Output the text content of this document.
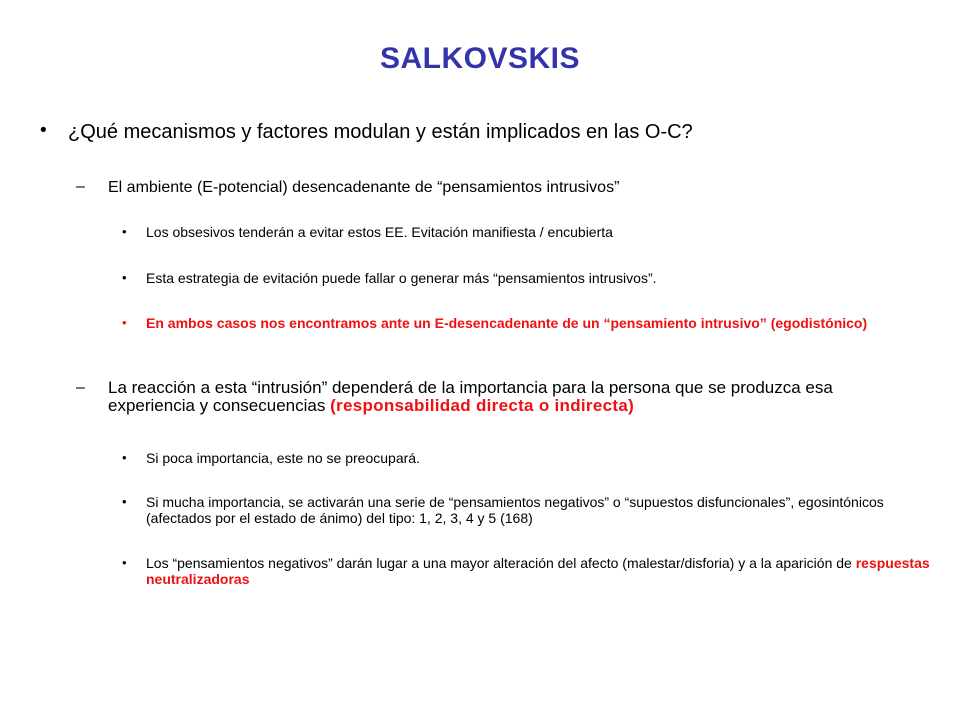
SALKOVSKIS
• ¿Qué mecanismos y factores modulan y están implicados en las O-C?
– El ambiente (E-potencial) desencadenante de “pensamientos intrusivos”
• Los obsesivos tenderán a evitar estos EE. Evitación manifiesta / encubierta
• Esta estrategia de evitación puede fallar o generar más “pensamientos intrusivos”.
• En ambos casos nos encontramos ante un E-desencadenante de un “pensamiento intrusivo” (egodistónico)
– La reacción a esta “intrusión” dependerá de la importancia para la persona que se produzca esa experiencia y consecuencias (responsabilidad directa o indirecta)
• Si poca importancia, este no se preocupará.
• Si mucha importancia, se activarán una serie de “pensamientos negativos” o “supuestos disfuncionales”, egosintónicos (afectados por el estado de ánimo) del tipo: 1, 2, 3, 4 y 5 (168)
• Los “pensamientos negativos” darán lugar a una mayor alteración del afecto (malestar/disforia) y a la aparición de respuestas neutralizadoras
